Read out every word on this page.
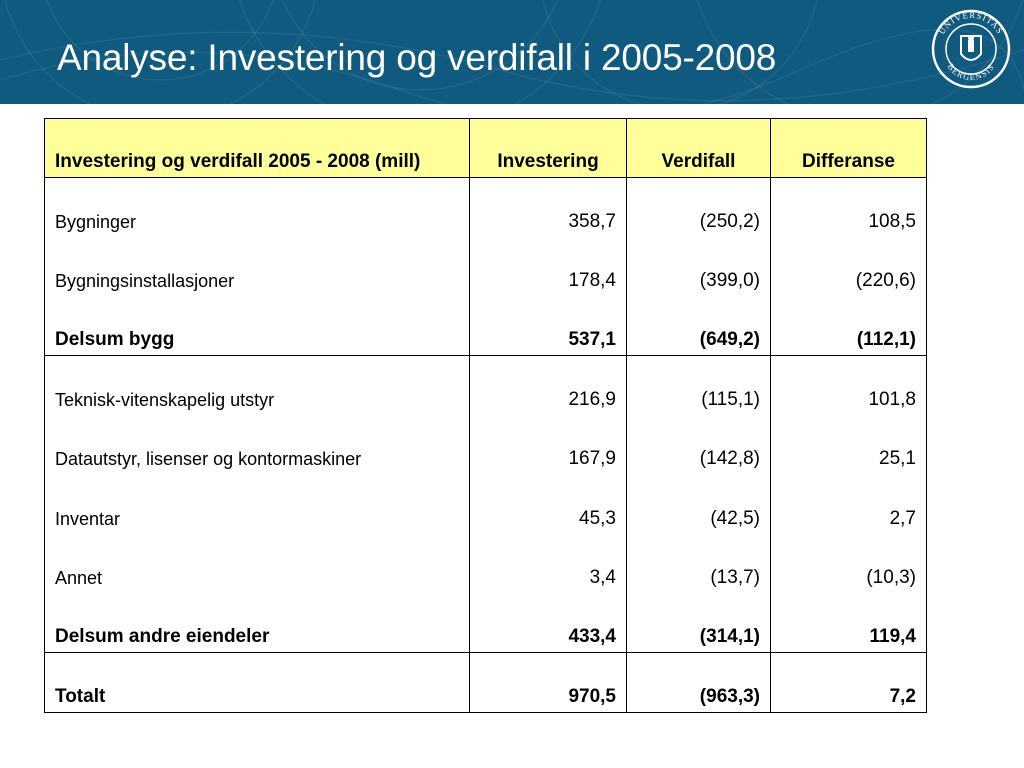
Analyse: Investering og verdifall i 2005-2008
UNIVERSITAS
BERGENSIS
Investering og verdifall 2005 - 2008 (mill)	Investering	Verdifall	Differanse
Bygninger	358,7	(250,2)	108,5
Bygningsinstallasjoner	178,4	(399,0)	(220,6)
Delsum bygg	537,1	(649,2)	(112,1)
Teknisk-vitenskapelig utstyr	216,9	(115,1)	101,8
Datautstyr, lisenser og kontormaskiner	167,9	(142,8)	25,1
Inventar	45,3	(42,5)	2,7
Annet	3,4	(13,7)	(10,3)
Delsum andre eiendeler	433,4	(314,1)	119,4
Totalt	970,5	(963,3)	7,2
